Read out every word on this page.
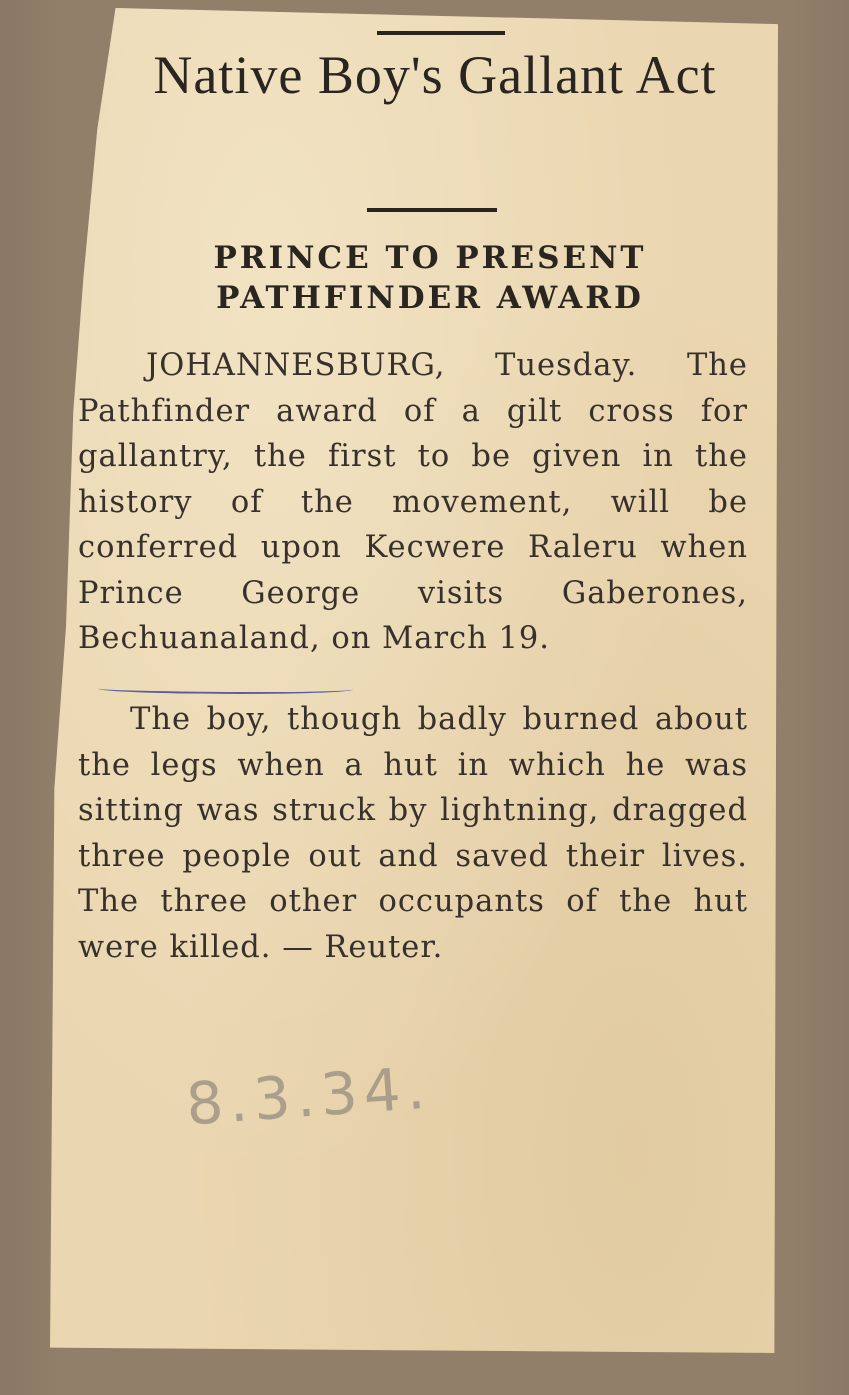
Native Boy's Gallant Act
PRINCE TO PRESENT PATHFINDER AWARD

JOHANNESBURG, Tuesday. The Pathfinder award of a gilt cross for gallantry, the first to be given in the history of the movement, will be conferred upon Kecwere Raleru when Prince George visits Gaberones, Bechuanaland, on March 19.

The boy, though badly burned about the legs when a hut in which he was sitting was struck by lightning, dragged three people out and saved their lives. The three other occupants of the hut were killed. — Reuter.

8.3.34.
